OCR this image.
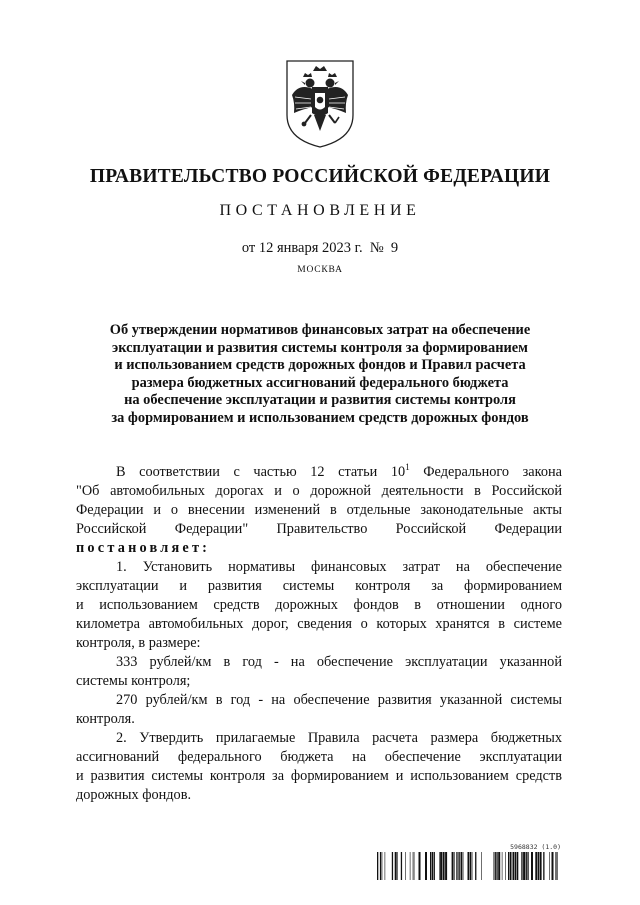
ПРАВИТЕЛЬСТВО РОССИЙСКОЙ ФЕДЕРАЦИИ
ПОСТАНОВЛЕНИЕ
от 12 января 2023 г.  №  9
МОСКВА
Об утверждении нормативов финансовых затрат на обеспечение
эксплуатации и развития системы контроля за формированием
и использованием средств дорожных фондов и Правил расчета
размера бюджетных ассигнований федерального бюджета
на обеспечение эксплуатации и развития системы контроля
за формированием и использованием средств дорожных фондов
В соответствии с частью 12 статьи $10^1$ Федерального закона
"Об автомобильных дорогах и о дорожной деятельности в Российской
Федерации и о внесении изменений в отдельные законодательные акты
Российской Федерации" Правительство Российской Федерации
постановляет:
1. Установить нормативы финансовых затрат на обеспечение
эксплуатации и развития системы контроля за формированием
и использованием средств дорожных фондов в отношении одного
километра автомобильных дорог, сведения о которых хранятся в системе
контроля, в размере:
333 рублей/км в год - на обеспечение эксплуатации указанной
системы контроля;
270 рублей/км в год - на обеспечение развития указанной системы
контроля.
2. Утвердить прилагаемые Правила расчета размера бюджетных
ассигнований федерального бюджета на обеспечение эксплуатации
и развития системы контроля за формированием и использованием средств
дорожных фондов.
5968832 (1.0)
